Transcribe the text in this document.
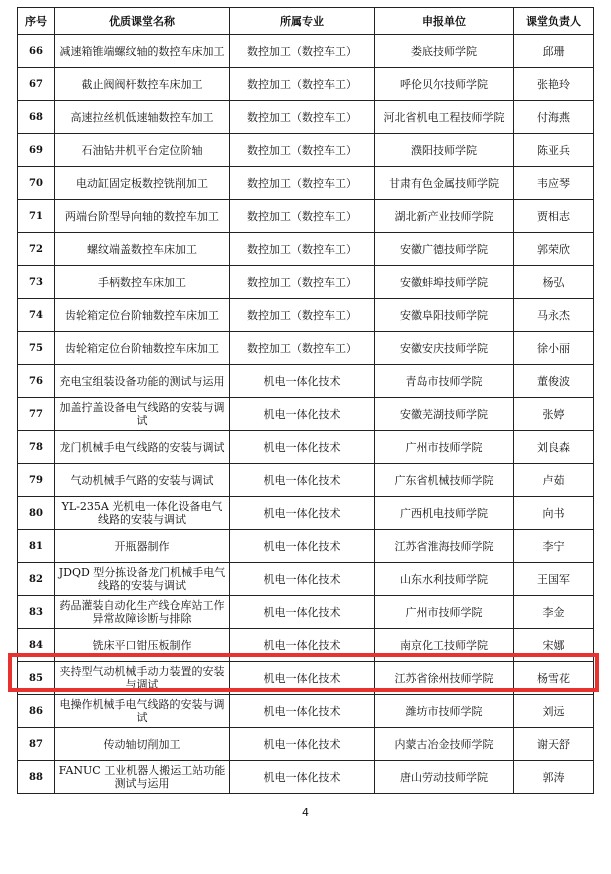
序号	优质课堂名称	所属专业	申报单位	课堂负责人
66	减速箱锥端螺纹轴的数控车床加工	数控加工（数控车工）	娄底技师学院	邱珊
67	截止阀阀杆数控车床加工	数控加工（数控车工）	呼伦贝尔技师学院	张艳玲
68	高速拉丝机低速轴数控车加工	数控加工（数控车工）	河北省机电工程技师学院	付海燕
69	石油钻井机平台定位阶轴	数控加工（数控车工）	濮阳技师学院	陈亚兵
70	电动缸固定板数控铣削加工	数控加工（数控车工）	甘肃有色金属技师学院	韦应琴
71	两端台阶型导向轴的数控车加工	数控加工（数控车工）	湖北新产业技师学院	贾相志
72	螺纹端盖数控车床加工	数控加工（数控车工）	安徽广德技师学院	郭荣欣
73	手柄数控车床加工	数控加工（数控车工）	安徽蚌埠技师学院	杨弘
74	齿轮箱定位台阶轴数控车床加工	数控加工（数控车工）	安徽阜阳技师学院	马永杰
75	齿轮箱定位台阶轴数控车床加工	数控加工（数控车工）	安徽安庆技师学院	徐小丽
76	充电宝组装设备功能的测试与运用	机电一体化技术	青岛市技师学院	董俊波
77	加盖拧盖设备电气线路的安装与调试	机电一体化技术	安徽芜湖技师学院	张婷
78	龙门机械手电气线路的安装与调试	机电一体化技术	广州市技师学院	刘良森
79	气动机械手气路的安装与调试	机电一体化技术	广东省机械技师学院	卢茹
80	YL-235A 光机电一体化设备电气线路的安装与调试	机电一体化技术	广西机电技师学院	向书
81	开瓶器制作	机电一体化技术	江苏省淮海技师学院	李宁
82	JDQD 型分拣设备龙门机械手电气线路的安装与调试	机电一体化技术	山东水利技师学院	王国军
83	药品灌装自动化生产线仓库站工作异常故障诊断与排除	机电一体化技术	广州市技师学院	李金
84	铣床平口钳压板制作	机电一体化技术	南京化工技师学院	宋娜
85	夹持型气动机械手动力装置的安装与调试	机电一体化技术	江苏省徐州技师学院	杨雪花
86	电操作机械手电气线路的安装与调试	机电一体化技术	潍坊市技师学院	刘远
87	传动轴切削加工	机电一体化技术	内蒙古冶金技师学院	谢天舒
88	FANUC 工业机器人搬运工站功能测试与运用	机电一体化技术	唐山劳动技师学院	郭涛
4
